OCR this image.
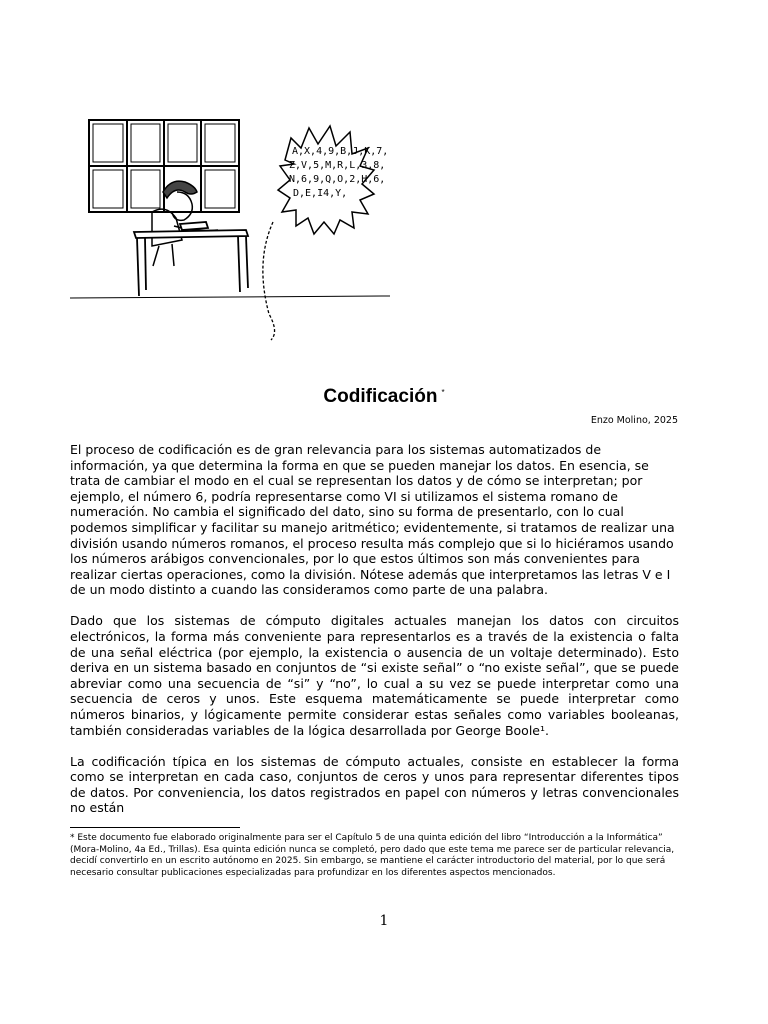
A,X,4,9,B,J,K,7,
Z,V,5,M,R,L,3,8,
N,6,9,Q,O,2,H,6,
D,E,I4,Y,
Codificación *
Enzo Molino, 2025

El proceso de codificación es de gran relevancia para los sistemas automatizados de información, ya que determina la forma en que se pueden manejar los datos. En esencia, se trata de cambiar el modo en el cual se representan los datos y de cómo se interpretan; por ejemplo, el número 6, podría representarse como VI si utilizamos el sistema romano de numeración. No cambia el significado del dato, sino su forma de presentarlo, con lo cual podemos simplificar y facilitar su manejo aritmético; evidentemente, si tratamos de realizar una división usando números romanos, el proceso resulta más complejo que si lo hiciéramos usando los números arábigos convencionales, por lo que estos últimos son más convenientes para realizar ciertas operaciones, como la división. Nótese además que interpretamos las letras V e I de un modo distinto a cuando las consideramos como parte de una palabra.

Dado que los sistemas de cómputo digitales actuales manejan los datos con circuitos electrónicos, la forma más conveniente para representarlos es a través de la existencia o falta de una señal eléctrica (por ejemplo, la existencia o ausencia de un voltaje determinado). Esto deriva en un sistema basado en conjuntos de “si existe señal” o “no existe señal”, que se puede abreviar como una secuencia de “si” y “no”, lo cual a su vez se puede interpretar como una secuencia de ceros y unos. Este esquema matemáticamente se puede interpretar como números binarios, y lógicamente permite considerar estas señales como variables booleanas, también consideradas variables de la lógica desarrollada por George Boole¹.

La codificación típica en los sistemas de cómputo actuales, consiste en establecer la forma como se interpretan en cada caso, conjuntos de ceros y unos para representar diferentes tipos de datos. Por conveniencia, los datos registrados en papel con números y letras convencionales no están

* Este documento fue elaborado originalmente para ser el Capítulo 5 de una quinta edición del libro “Introducción a la Informática” (Mora-Molino, 4a Ed., Trillas). Esa quinta edición nunca se completó, pero dado que este tema me parece ser de particular relevancia, decidí convertirlo en un escrito autónomo en 2025. Sin embargo, se mantiene el carácter introductorio del material, por lo que será necesario consultar publicaciones especializadas para profundizar en los diferentes aspectos mencionados.
1
